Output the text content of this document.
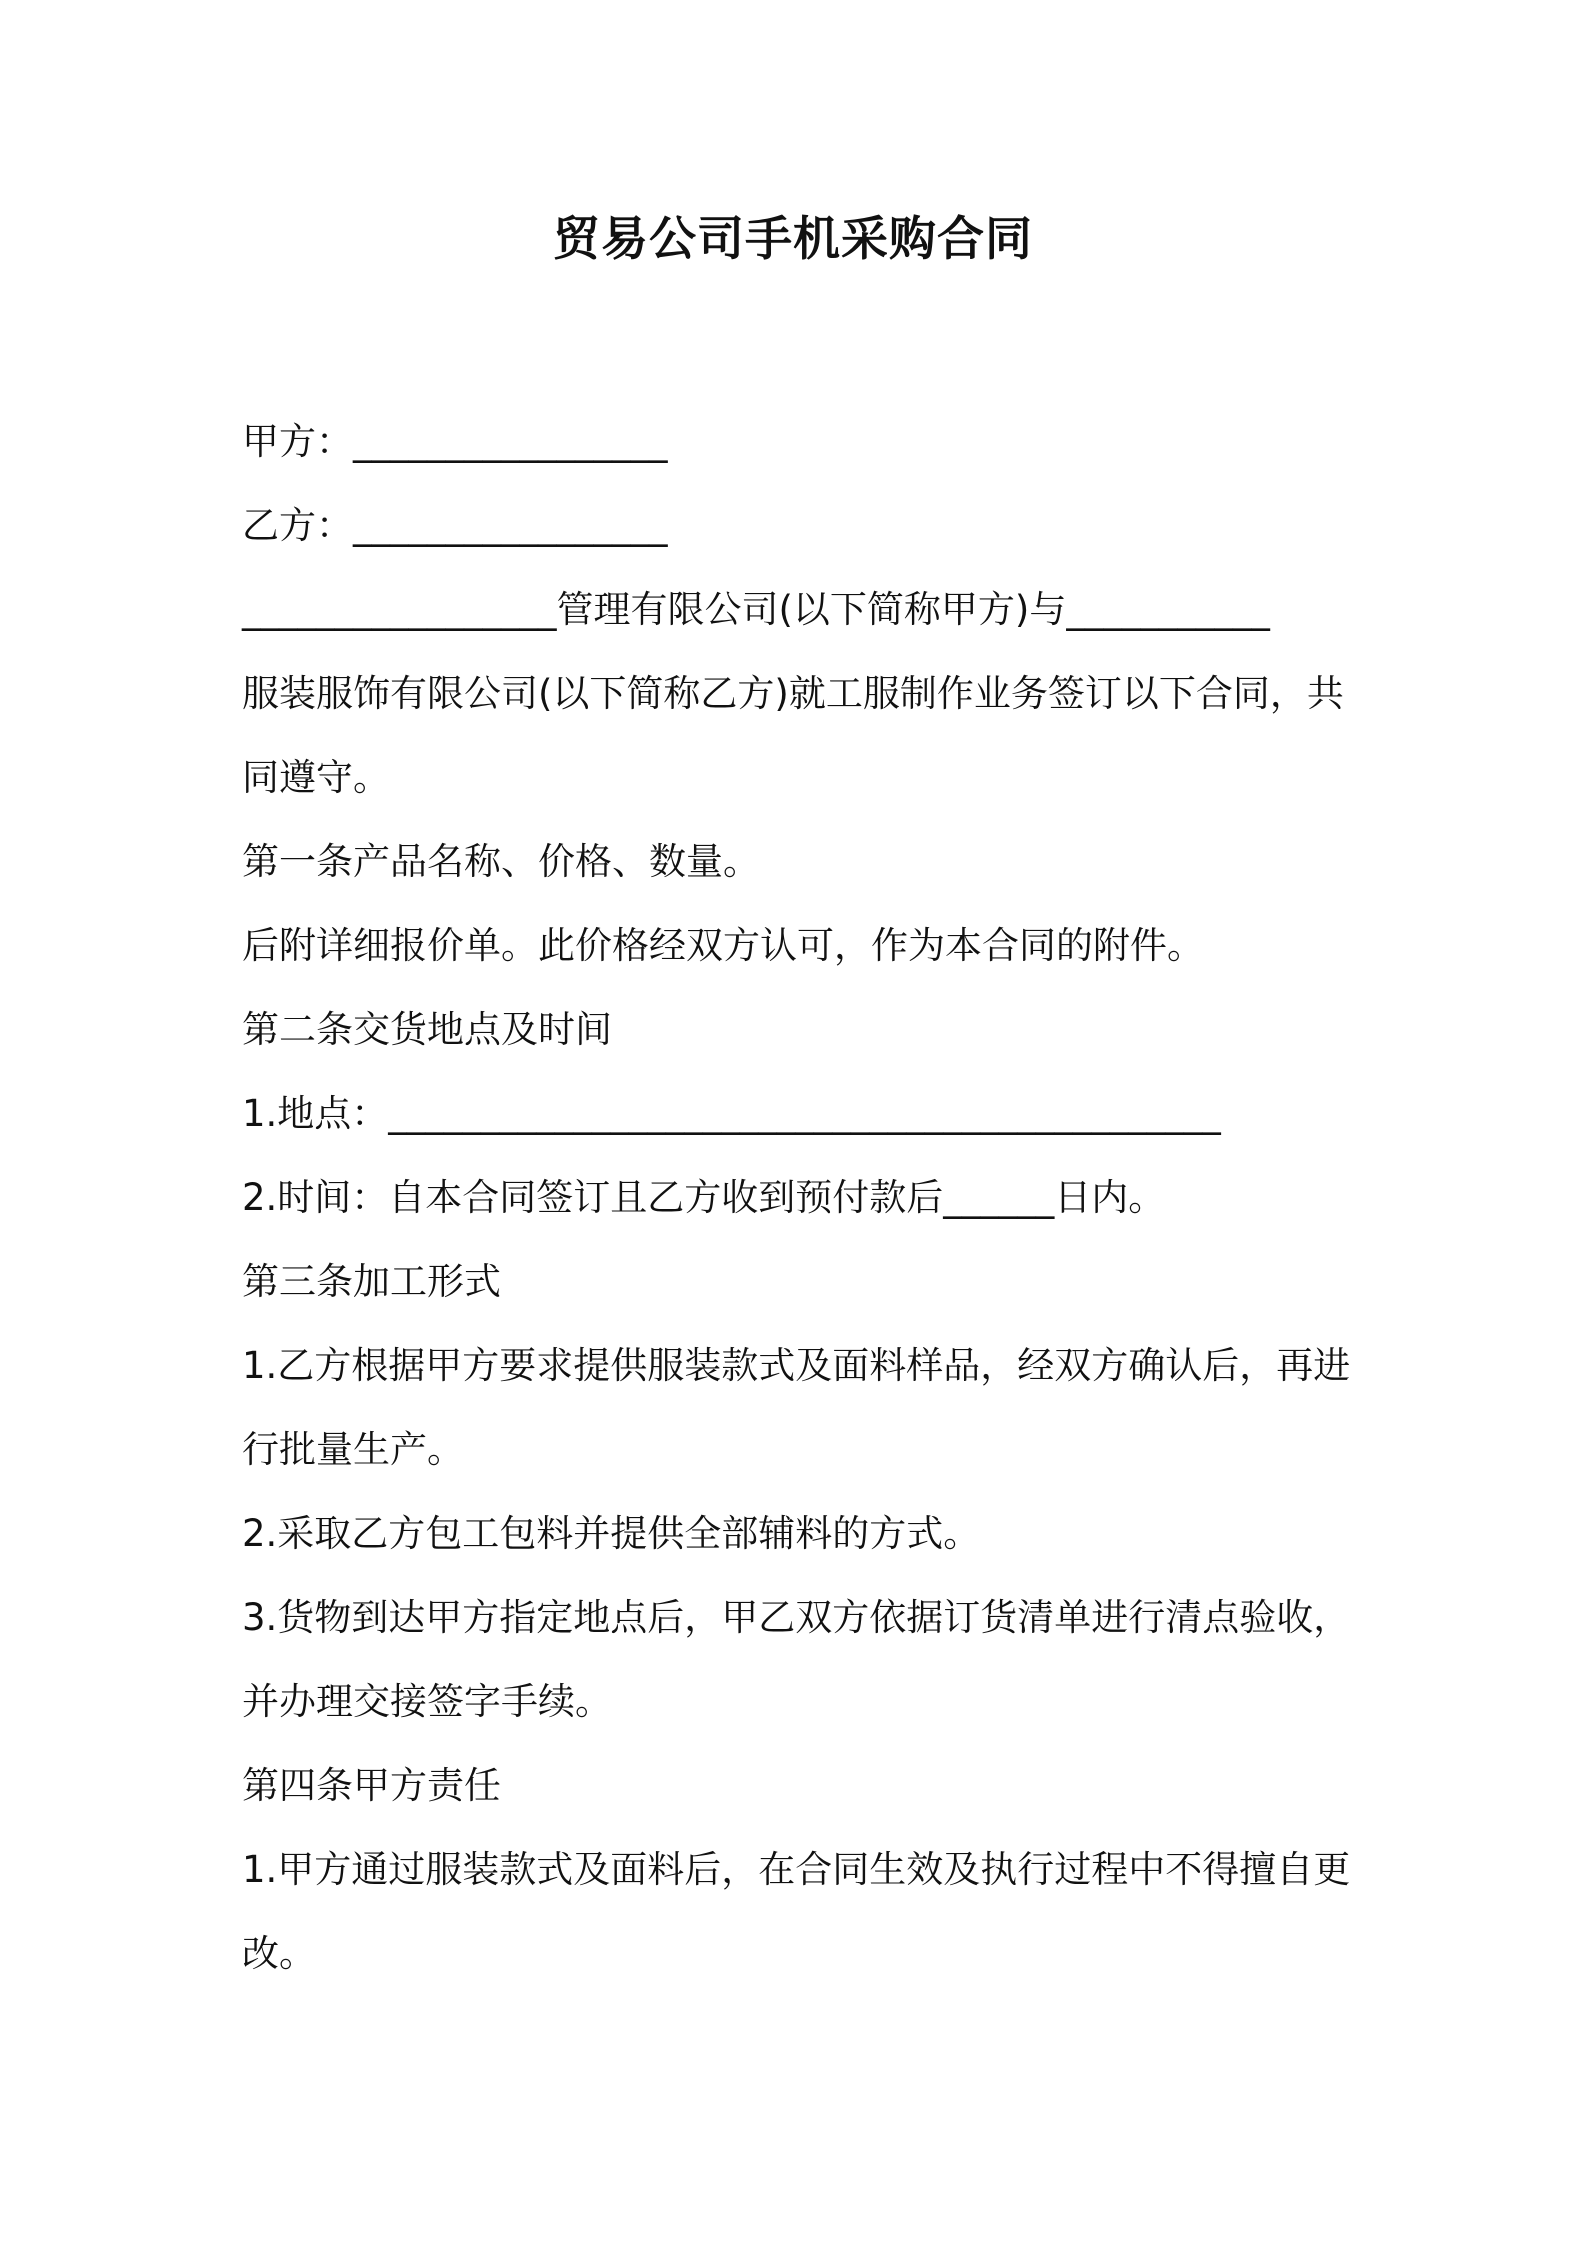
贸易公司手机采购合同

甲方：_________________

乙方：_________________

_________________管理有限公司(以下简称甲方)与___________

服装服饰有限公司(以下简称乙方)就工服制作业务签订以下合同，共

同遵守。

第一条产品名称、价格、数量。

后附详细报价单。此价格经双方认可，作为本合同的附件。

第二条交货地点及时间

1.地点：_____________________________________________

2.时间：自本合同签订且乙方收到预付款后______日内。

第三条加工形式

1.乙方根据甲方要求提供服装款式及面料样品，经双方确认后，再进

行批量生产。

2.采取乙方包工包料并提供全部辅料的方式。

3.货物到达甲方指定地点后，甲乙双方依据订货清单进行清点验收，

并办理交接签字手续。

第四条甲方责任

1.甲方通过服装款式及面料后，在合同生效及执行过程中不得擅自更

改。
